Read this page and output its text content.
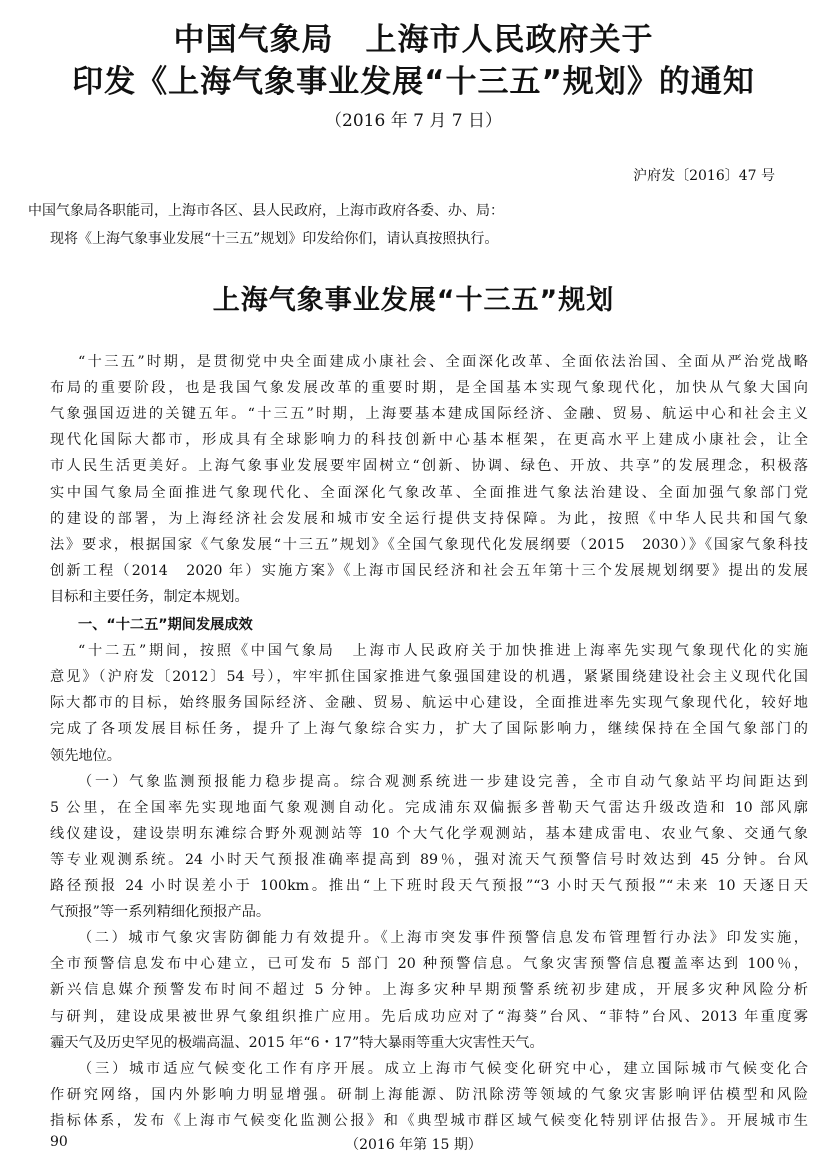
中国气象局　上海市人民政府关于
印发《上海气象事业发展“十三五”规划》的通知
（2016 年 7 月 7 日）
沪府发〔2016〕47 号
中国气象局各职能司，上海市各区、县人民政府，上海市政府各委、办、局：
现将《上海气象事业发展“十三五”规划》印发给你们，请认真按照执行。
上海气象事业发展“十三五”规划
“十三五”时期，是贯彻党中央全面建成小康社会、全面深化改革、全面依法治国、全面从严治党战略
布局的重要阶段，也是我国气象发展改革的重要时期，是全国基本实现气象现代化，加快从气象大国向
气象强国迈进的关键五年。“十三五”时期，上海要基本建成国际经济、金融、贸易、航运中心和社会主义
现代化国际大都市，形成具有全球影响力的科技创新中心基本框架，在更高水平上建成小康社会，让全
市人民生活更美好。上海气象事业发展要牢固树立“创新、协调、绿色、开放、共享”的发展理念，积极落
实中国气象局全面推进气象现代化、全面深化气象改革、全面推进气象法治建设、全面加强气象部门党
的建设的部署，为上海经济社会发展和城市安全运行提供支持保障。为此，按照《中华人民共和国气象
法》要求，根据国家《气象发展“十三五”规划》《全国气象现代化发展纲要（2015　2030）》《国家气象科技
创新工程（2014　2020 年）实施方案》《上海市国民经济和社会五年第十三个发展规划纲要》提出的发展
目标和主要任务，制定本规划。
一、“十二五”期间发展成效
“十二五”期间，按照《中国气象局　上海市人民政府关于加快推进上海率先实现气象现代化的实施
意见》（沪府发〔2012〕54 号），牢牢抓住国家推进气象强国建设的机遇，紧紧围绕建设社会主义现代化国
际大都市的目标，始终服务国际经济、金融、贸易、航运中心建设，全面推进率先实现气象现代化，较好地
完成了各项发展目标任务，提升了上海气象综合实力，扩大了国际影响力，继续保持在全国气象部门的
领先地位。
（一）气象监测预报能力稳步提高。综合观测系统进一步建设完善，全市自动气象站平均间距达到
5 公里，在全国率先实现地面气象观测自动化。完成浦东双偏振多普勒天气雷达升级改造和 10 部风廓
线仪建设，建设崇明东滩综合野外观测站等 10 个大气化学观测站，基本建成雷电、农业气象、交通气象
等专业观测系统。24 小时天气预报准确率提高到 89％，强对流天气预警信号时效达到 45 分钟。台风
路径预报 24 小时误差小于 100km。推出“上下班时段天气预报”“3 小时天气预报”“未来 10 天逐日天
气预报”等一系列精细化预报产品。
（二）城市气象灾害防御能力有效提升。《上海市突发事件预警信息发布管理暂行办法》印发实施，
全市预警信息发布中心建立，已可发布 5 部门 20 种预警信息。气象灾害预警信息覆盖率达到 100％，
新兴信息媒介预警发布时间不超过 5 分钟。上海多灾种早期预警系统初步建成，开展多灾种风险分析
与研判，建设成果被世界气象组织推广应用。先后成功应对了“海葵”台风、“菲特”台风、2013 年重度雾
霾天气及历史罕见的极端高温、2015 年“6・17”特大暴雨等重大灾害性天气。
（三）城市适应气候变化工作有序开展。成立上海市气候变化研究中心，建立国际城市气候变化合
作研究网络，国内外影响力明显增强。研制上海能源、防汛除涝等领域的气象灾害影响评估模型和风险
指标体系，发布《上海市气候变化监测公报》和《典型城市群区域气候变化特别评估报告》。开展城市生
90	（2016 年第 15 期）
